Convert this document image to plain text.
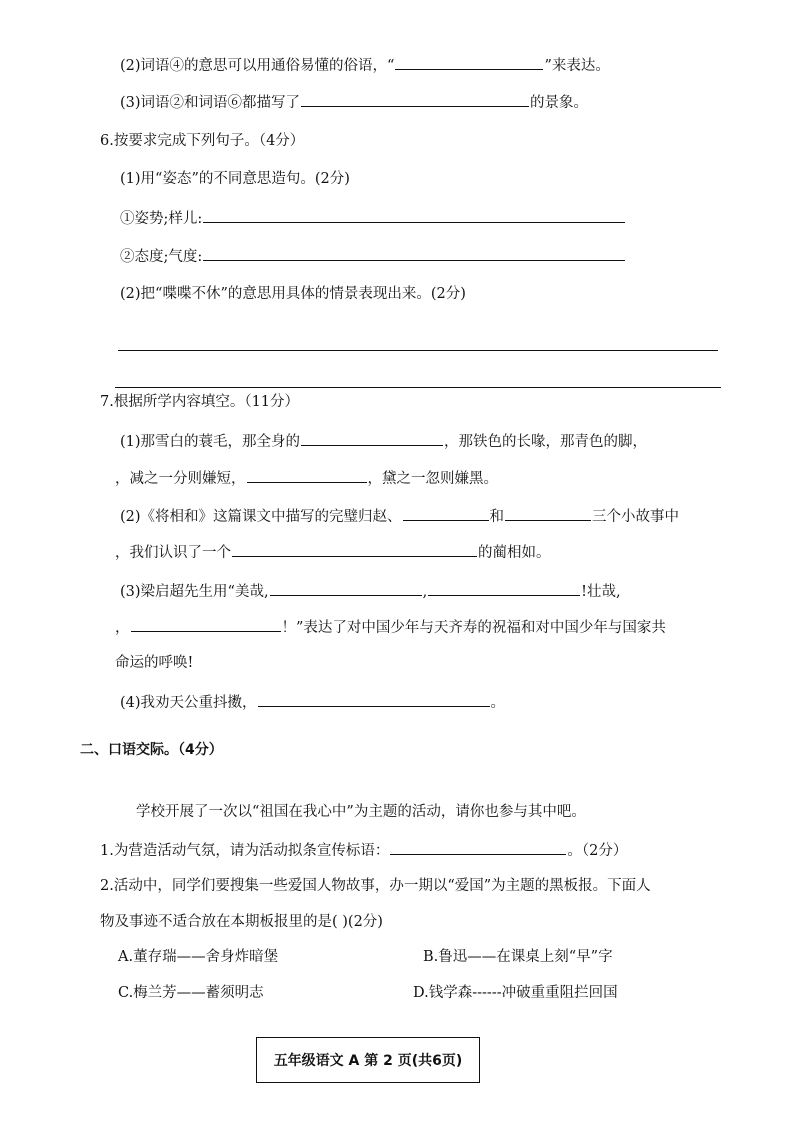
(2)词语④的意思可以用通俗易懂的俗语，“	”来表达。
(3)词语②和词语⑥都描写了	的景象。
6.按要求完成下列句子。（4分）
(1)用“姿态”的不同意思造句。(2分)
①姿势;样儿:
②态度;气度:
(2)把“喋喋不休”的意思用具体的情景表现出来。(2分)
7.根据所学内容填空。（11分）
(1)那雪白的蓑毛，那全身的	，那铁色的长喙，那青色的脚，
，减之一分则嫌短，	，黛之一忽则嫌黑。
(2)《将相和》这篇课文中描写的完璧归赵、	和	三个小故事中
，我们认识了一个	的蔺相如。
(3)梁启超先生用“美哉,	,	!壮哉,
，	！”表达了对中国少年与天齐寿的祝福和对中国少年与国家共
命运的呼唤!
(4)我劝天公重抖擞，	。
二、口语交际。（4分）
学校开展了一次以“祖国在我心中”为主题的活动，请你也参与其中吧。
1.为营造活动气氛，请为活动拟条宣传标语：	。（2分）
2.活动中，同学们要搜集一些爱国人物故事，办一期以“爱国”为主题的黑板报。下面人
物及事迹不适合放在本期板报里的是( )(2分)
A.董存瑞——舍身炸暗堡	B.鲁迅——在课桌上刻“早”字
C.梅兰芳——蓄须明志	D.钱学森------冲破重重阻拦回国
五年级语文 A 第 2 页(共6页)
